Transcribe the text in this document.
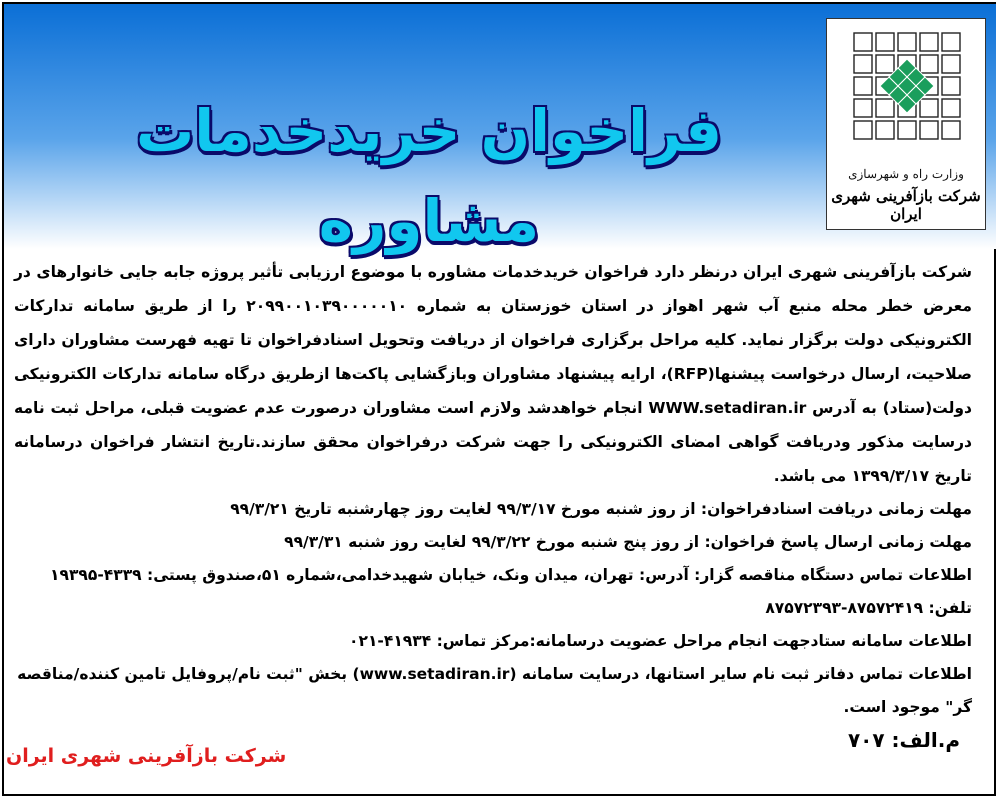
فراخوان خریدخدمات مشاوره
وزارت راه و شهرسازی
شرکت بازآفرینی شهری ایران

شرکت بازآفرینی شهری ایران درنظر دارد فراخوان خریدخدمات مشاوره با موضوع ارزیابی تأثیر پروژه جابه جایی خانوارهای در معرض خطر محله منبع آب شهر اهواز در استان خوزستان به شماره ۲۰۹۹۰۰۱۰۳۹۰۰۰۰۰۱۰ را از طریق سامانه تدارکات الکترونیکی دولت برگزار نماید. کلیه مراحل برگزاری فراخوان از دریافت وتحویل اسنادفراخوان تا تهیه فهرست مشاوران دارای صلاحیت، ارسال درخواست پیشنها(RFP)، ارایه پیشنهاد مشاوران وبازگشایی پاکت‌ها ازطریق درگاه سامانه تدارکات الکترونیکی دولت(ستاد) به آدرس WWW.setadiran.ir انجام خواهدشد ولازم است مشاوران درصورت عدم عضویت قبلی، مراحل ثبت نامه درسایت مذکور ودریافت گواهی امضای الکترونیکی را جهت شرکت درفراخوان محقق سازند.تاریخ انتشار فراخوان درسامانه تاریخ ۱۳۹۹/۳/۱۷ می باشد.

مهلت زمانی دریافت اسنادفراخوان: از روز شنبه مورخ ۹۹/۳/۱۷ لغایت روز چهارشنبه تاریخ ۹۹/۳/۲۱

مهلت زمانی ارسال پاسخ فراخوان: از روز پنج شنبه مورخ ۹۹/۳/۲۲ لغایت روز شنبه ۹۹/۳/۳۱

اطلاعات تماس دستگاه مناقصه گزار: آدرس: تهران، میدان ونک، خیابان شهیدخدامی،شماره ۵۱،صندوق پستی: ۴۳۳۹-۱۹۳۹۵ تلفن: ۸۷۵۷۲۴۱۹-۸۷۵۷۲۳۹۳

اطلاعات سامانه ستادجهت انجام مراحل عضویت درسامانه:مرکز تماس: ۴۱۹۳۴-۰۲۱

اطلاعات تماس دفاتر ثبت نام سایر استانها، درسایت سامانه (www.setadiran.ir) بخش "ثبت نام/پروفایل تامین کننده/مناقصه گر" موجود است.

م.الف: ۷۰۷
شرکت بازآفرینی شهری ایران
